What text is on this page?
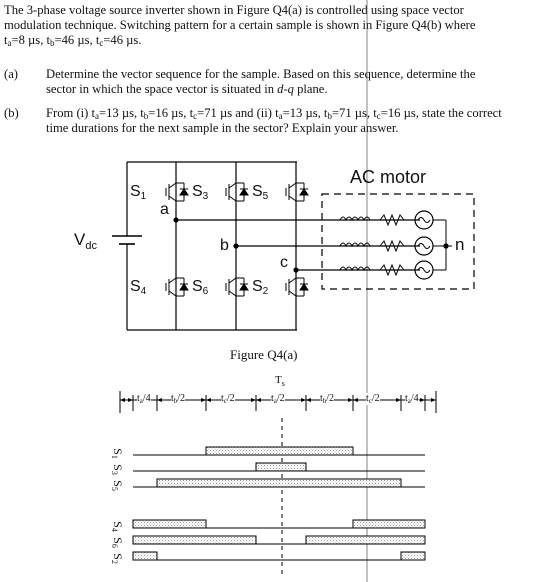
The 3-phase voltage source inverter shown in Figure Q4(a) is controlled using space vector
modulation technique. Switching pattern for a certain sample is shown in Figure Q4(b) where
$t_a=8$ µs, $t_b=46$ µs, $t_c=46$ µs.
(a) Determine the vector sequence for the sample. Based on this sequence, determine the
sector in which the space vector is situated in d-q plane.
(b) From (i) $t_a=13$ µs, $t_b=16$ µs, $t_c=71$ µs and (ii) $t_a=13$ µs, $t_b=71$ µs, $t_c=16$ µs, state the correct
time durations for the next sample in the sector? Explain your answer.
$V_{dc}$
S1	S3	S5
S4	S6	S2
a
b
c
AC motor
n
Figure Q4(a)
$T_s$
$t_a/4$ $t_b/2$	$t_c/2$	$t_a/2$	$t_b/2$	$t_c/2$	$t_a/4$
S1
S3
S5
S4
S6
S2
